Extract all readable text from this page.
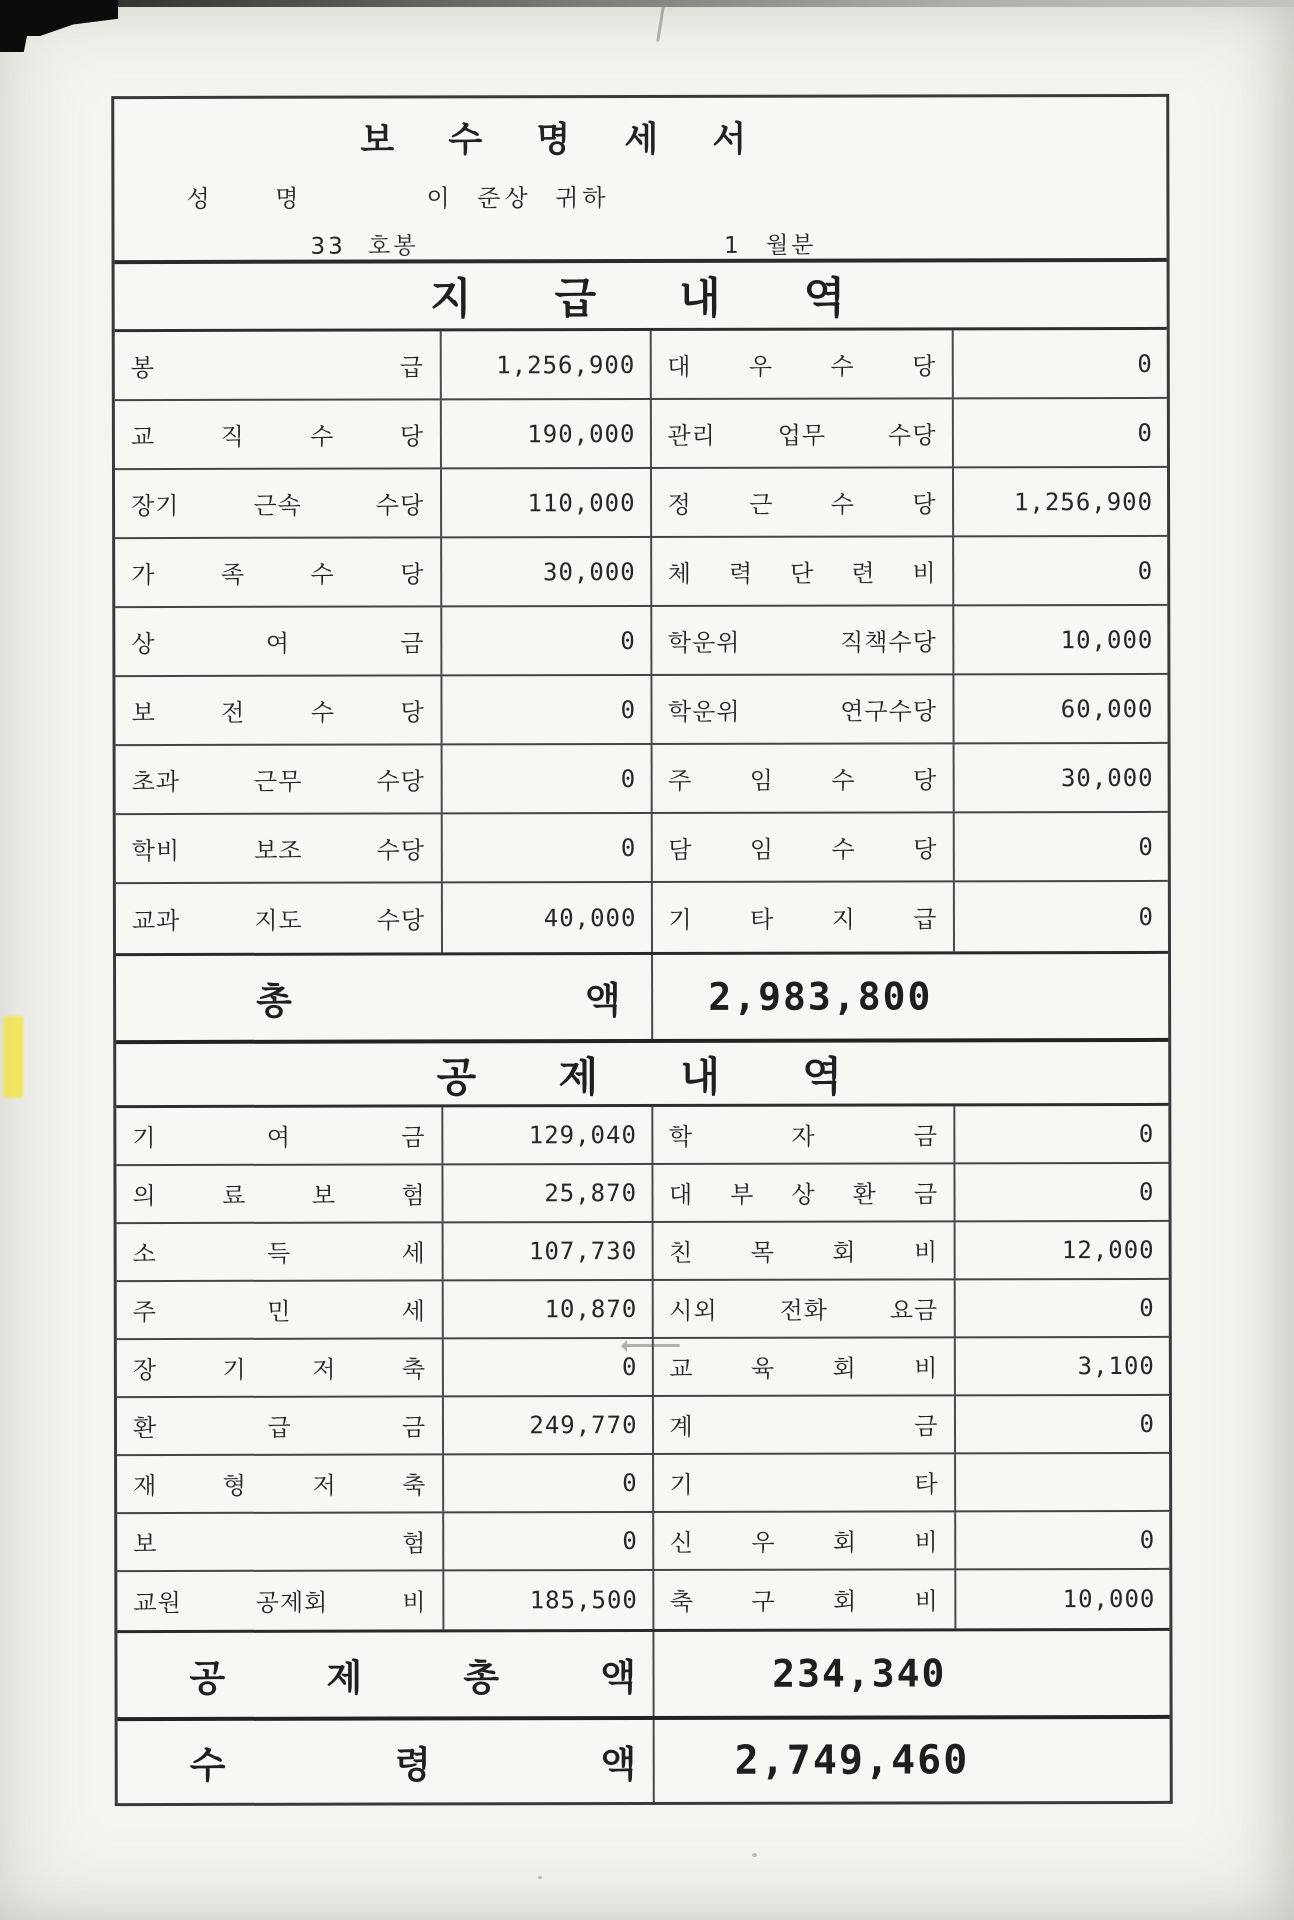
보 수 명 세 서
성 명	이 준상 귀하
33 호봉	1 월분
지 급 내 역
봉 급	1,256,900	대 우 수 당	0
교 직 수 당	190,000	관리 업무 수당	0
장기 근속 수당	110,000	정 근 수 당	1,256,900
가 족 수 당	30,000	체 력 단 련 비	0
상 여 금	0	학운위 직책수당	10,000
보 전 수 당	0	학운위 연구수당	60,000
초과 근무 수당	0	주 임 수 당	30,000
학비 보조 수당	0	담 임 수 당	0
교과 지도 수당	40,000	기 타 지 급	0
총 액	2,983,800
공 제 내 역
기 여 금	129,040	학 자 금	0
의 료 보 험	25,870	대 부 상 환 금	0
소 득 세	107,730	친 목 회 비	12,000
주 민 세	10,870	시외 전화 요금	0
장 기 저 축	0	교 육 회 비	3,100
환 급 금	249,770	계 금	0
재 형 저 축	0	기 타
보 험	0	신 우 회 비	0
교원 공제회 비	185,500	축 구 회 비	10,000
공 제 총 액	234,340
수 령 액	2,749,460
